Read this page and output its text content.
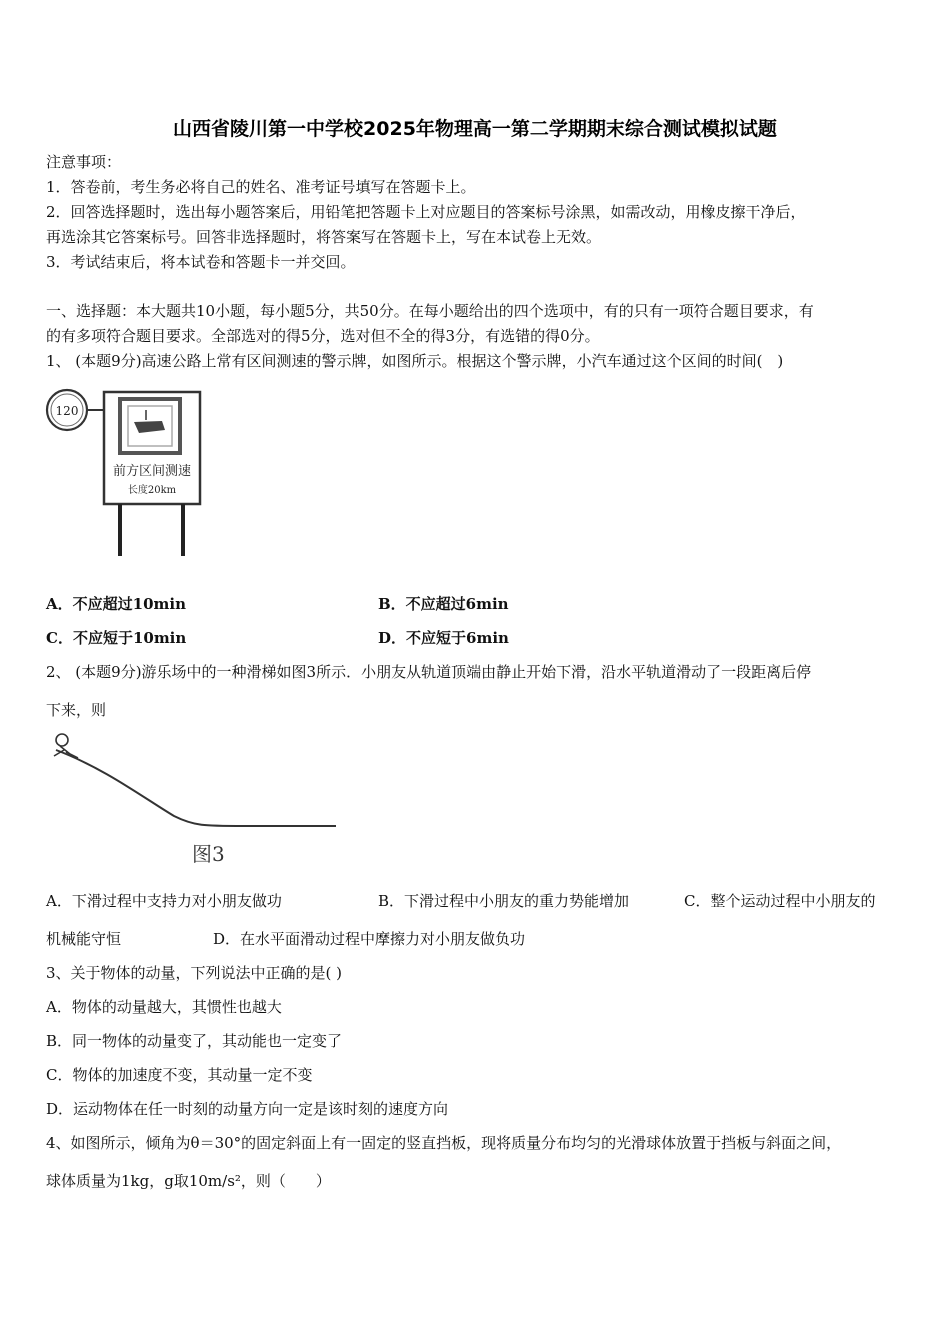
山西省陵川第一中学校2025年物理高一第二学期期末综合测试模拟试题
注意事项：
1．答卷前，考生务必将自己的姓名、准考证号填写在答题卡上。
2．回答选择题时，选出每小题答案后，用铅笔把答题卡上对应题目的答案标号涂黑，如需改动，用橡皮擦干净后，
再选涂其它答案标号。回答非选择题时，将答案写在答题卡上，写在本试卷上无效。
3．考试结束后，将本试卷和答题卡一并交回。
一、选择题：本大题共10小题，每小题5分，共50分。在每小题给出的四个选项中，有的只有一项符合题目要求，有
的有多项符合题目要求。全部选对的得5分，选对但不全的得3分，有选错的得0分。
1、 (本题9分)高速公路上常有区间测速的警示牌，如图所示。根据这个警示牌，小汽车通过这个区间的时间(　)
120
前方区间测速
长度20km
A．不应超过10min	B．不应超过6min
C．不应短于10min	D．不应短于6min
2、 (本题9分)游乐场中的一种滑梯如图3所示．小朋友从轨道顶端由静止开始下滑，沿水平轨道滑动了一段距离后停
下来，则
图3
A．下滑过程中支持力对小朋友做功	B．下滑过程中小朋友的重力势能增加	C．整个运动过程中小朋友的
机械能守恒	D．在水平面滑动过程中摩擦力对小朋友做负功
3、关于物体的动量，下列说法中正确的是( )
A．物体的动量越大，其惯性也越大
B．同一物体的动量变了，其动能也一定变了
C．物体的加速度不变，其动量一定不变
D．运动物体在任一时刻的动量方向一定是该时刻的速度方向
4、如图所示，倾角为θ＝30°的固定斜面上有一固定的竖直挡板，现将质量分布均匀的光滑球体放置于挡板与斜面之间，
球体质量为1kg，g取10m/s²，则（　　）
